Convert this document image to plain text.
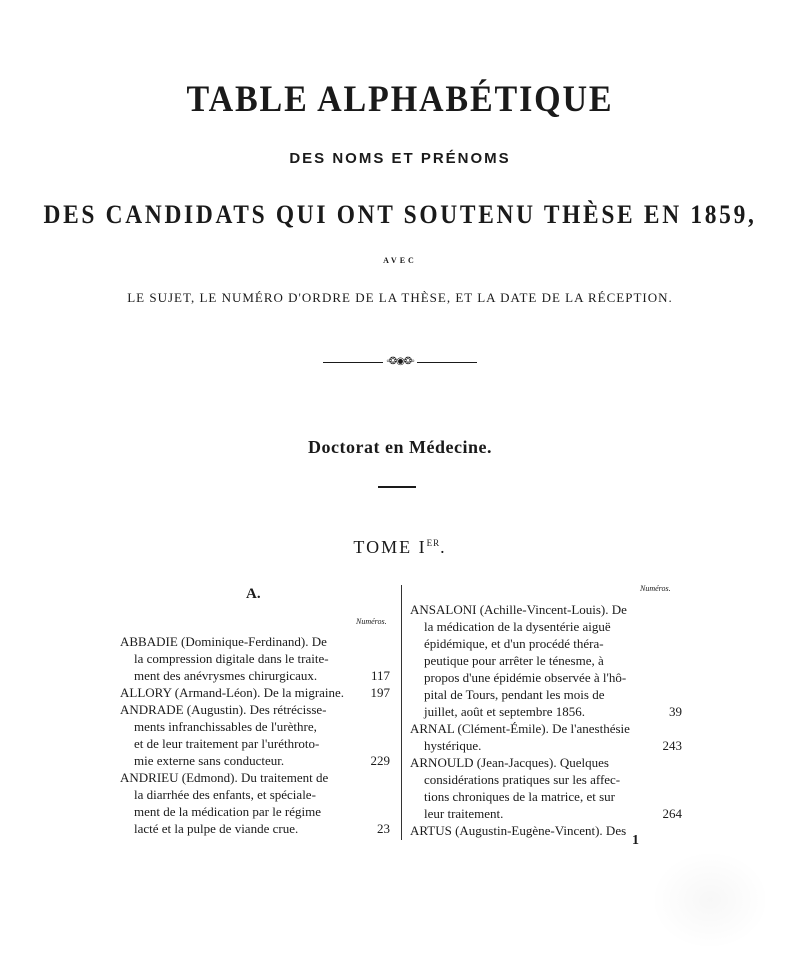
TABLE ALPHABÉTIQUE
DES NOMS ET PRÉNOMS
DES CANDIDATS QUI ONT SOUTENU THÈSE EN 1859,
AVEC
LE SUJET, LE NUMÉRO D'ORDRE DE LA THÈSE, ET LA DATE DE LA RÉCEPTION.
◦❂◉❂◦
Doctorat en Médecine.
TOME IER.
A.
Numéros.
Numéros.
ABBADIE (Dominique-Ferdinand). De
la compression digitale dans le traite-
ment des anévrysmes chirurgicaux.	117
ALLORY (Armand-Léon). De la migraine.	197
ANDRADE (Augustin). Des rétrécisse-
ments infranchissables de l'urèthre,
et de leur traitement par l'uréthroto-
mie externe sans conducteur.	229
ANDRIEU (Edmond). Du traitement de
la diarrhée des enfants, et spéciale-
ment de la médication par le régime
lacté et la pulpe de viande crue.	23
ANSALONI (Achille-Vincent-Louis). De
la médication de la dysentérie aiguë
épidémique, et d'un procédé théra-
peutique pour arrêter le ténesme, à
propos d'une épidémie observée à l'hô-
pital de Tours, pendant les mois de
juillet, août et septembre 1856.	39
ARNAL (Clément-Émile). De l'anesthésie
hystérique.	243
ARNOULD (Jean-Jacques). Quelques
considérations pratiques sur les affec-
tions chroniques de la matrice, et sur
leur traitement.	264
ARTUS (Augustin-Eugène-Vincent). Des
1
